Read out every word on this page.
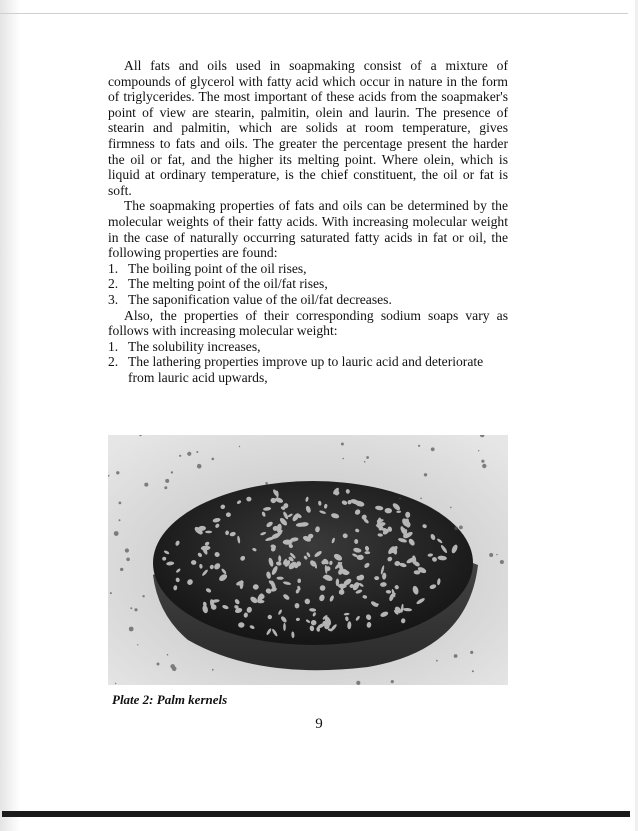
All fats and oils used in soapmaking consist of a mixture of compounds of glycerol with fatty acid which occur in nature in the form of triglycerides. The most important of these acids from the soapmaker's point of view are stearin, palmitin, olein and laurin. The presence of stearin and palmitin, which are solids at room temperature, gives firmness to fats and oils. The greater the percentage present the harder the oil or fat, and the higher its melting point. Where olein, which is liquid at ordinary temperature, is the chief constituent, the oil or fat is soft.

The soapmaking properties of fats and oils can be determined by the molecular weights of their fatty acids. With increasing molecular weight in the case of naturally occurring saturated fatty acids in fat or oil, the following properties are found:

1. The boiling point of the oil rises,
2. The melting point of the oil/fat rises,
3. The saponification value of the oil/fat decreases.

Also, the properties of their corresponding sodium soaps vary as follows with increasing molecular weight:

1. The solubility increases,
2. The lathering properties improve up to lauric acid and deteriorate from lauric acid upwards,
Plate 2: Palm kernels
9
